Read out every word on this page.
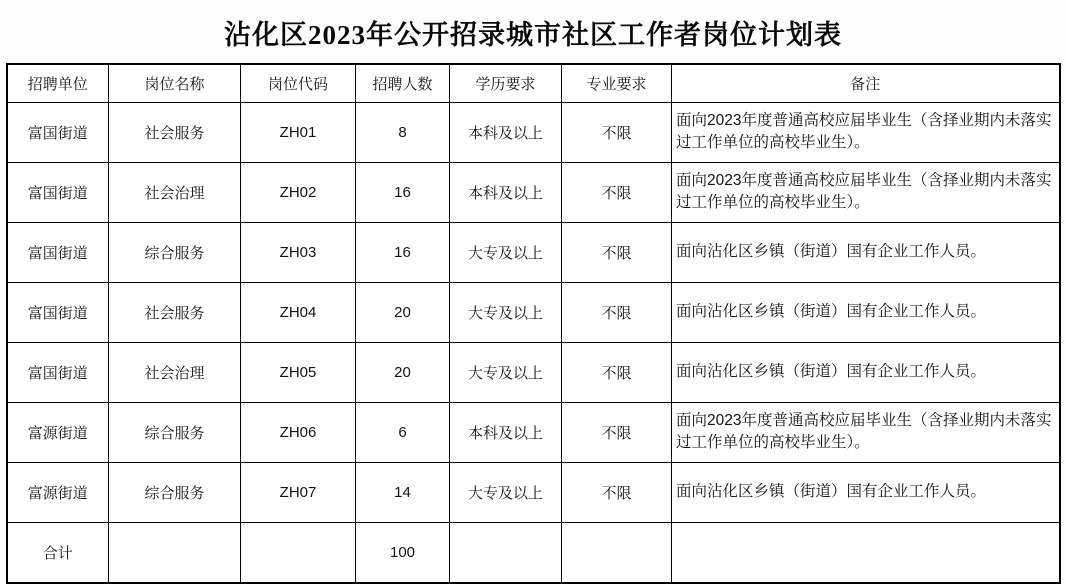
沾化区2023年公开招录城市社区工作者岗位计划表
招聘单位	岗位名称	岗位代码	招聘人数	学历要求	专业要求	备注
富国街道	社会服务	ZH01	8	本科及以上	不限	面向2023年度普通高校应届毕业生（含择业期内未落实过工作单位的高校毕业生）。
富国街道	社会治理	ZH02	16	本科及以上	不限	面向2023年度普通高校应届毕业生（含择业期内未落实过工作单位的高校毕业生）。
富国街道	综合服务	ZH03	16	大专及以上	不限	面向沾化区乡镇（街道）国有企业工作人员。
富国街道	社会服务	ZH04	20	大专及以上	不限	面向沾化区乡镇（街道）国有企业工作人员。
富国街道	社会治理	ZH05	20	大专及以上	不限	面向沾化区乡镇（街道）国有企业工作人员。
富源街道	综合服务	ZH06	6	本科及以上	不限	面向2023年度普通高校应届毕业生（含择业期内未落实过工作单位的高校毕业生）。
富源街道	综合服务	ZH07	14	大专及以上	不限	面向沾化区乡镇（街道）国有企业工作人员。
合计			100			
